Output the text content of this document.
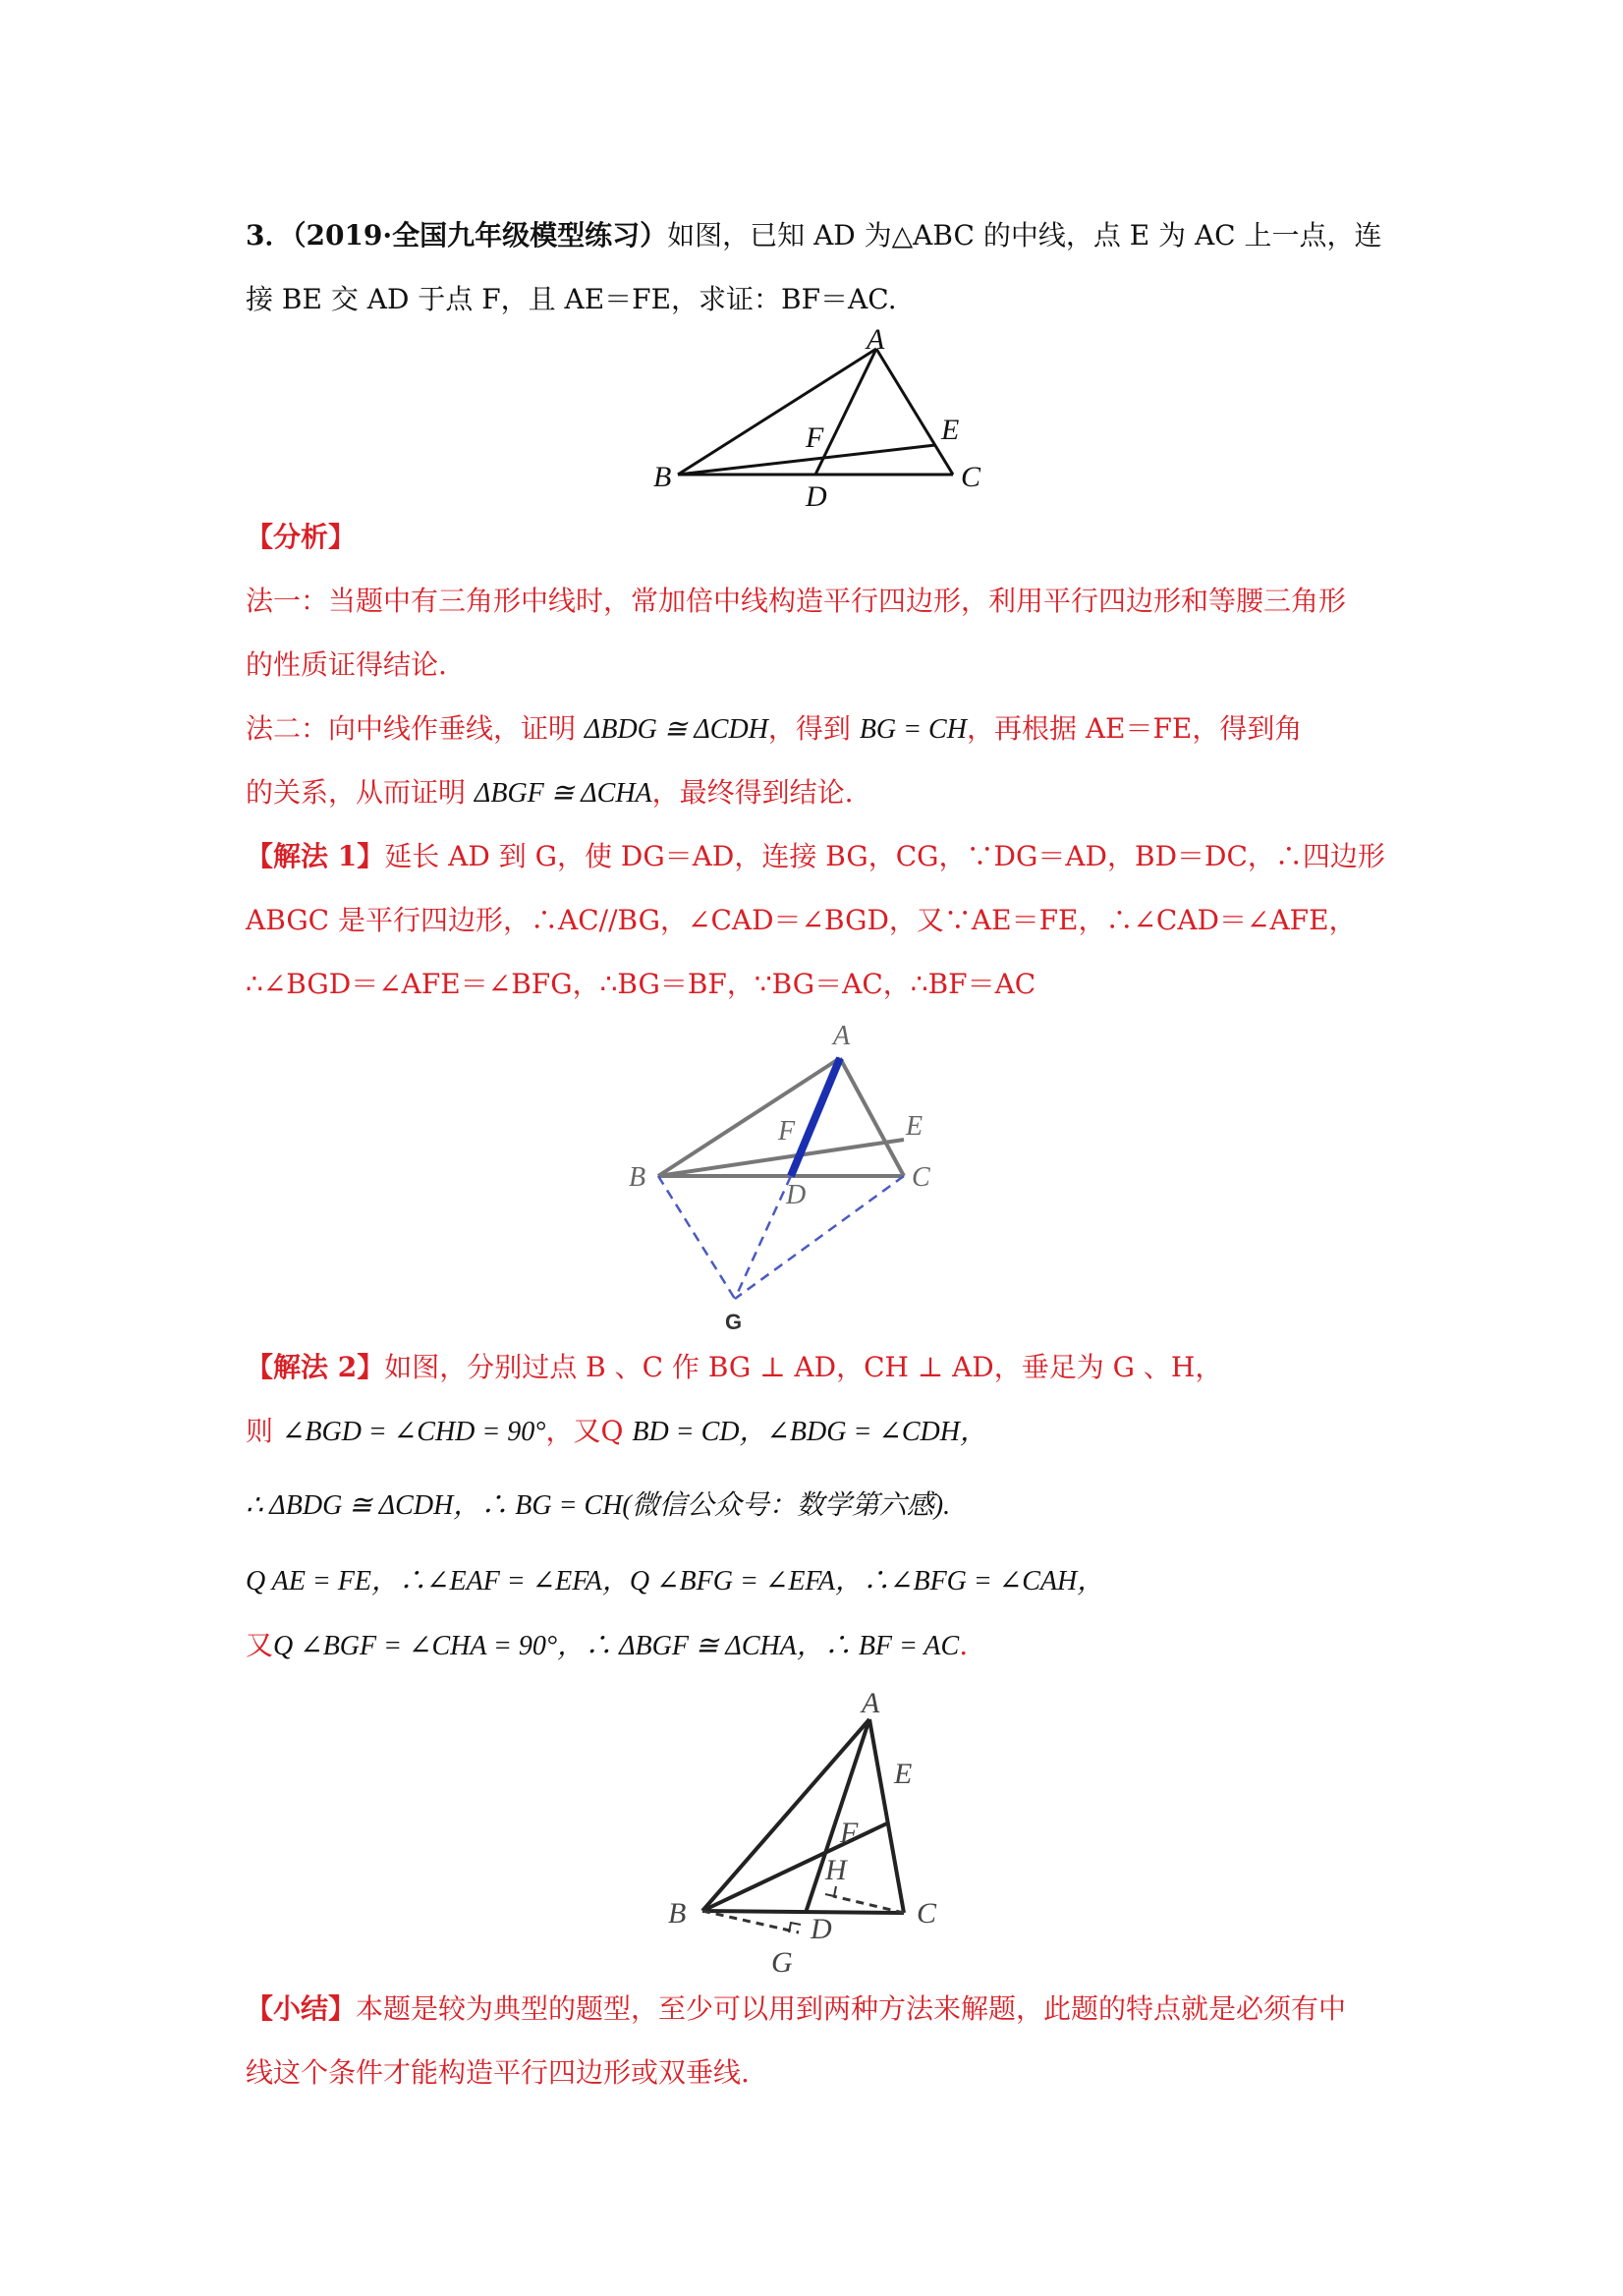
3．（2019·全国九年级模型练习）如图，已知 AD 为△ABC 的中线，点 E 为 AC 上一点，连
接 BE 交 AD 于点 F，且 AE＝FE，求证：BF＝AC.
A
B	C
D
E
F
【分析】
法一：当题中有三角形中线时，常加倍中线构造平行四边形，利用平行四边形和等腰三角形
的性质证得结论.
法二：向中线作垂线，证明 ΔBDG ≅ ΔCDH，得到 BG = CH，再根据 AE＝FE，得到角
的关系，从而证明 ΔBGF ≅ ΔCHA，最终得到结论.
【解法 1】延长 AD 到 G，使 DG＝AD，连接 BG，CG，∵DG＝AD，BD＝DC，∴四边形
ABGC 是平行四边形，∴AC//BG，∠CAD＝∠BGD，又∵AE＝FE，∴∠CAD＝∠AFE，
∴∠BGD＝∠AFE＝∠BFG，∴BG＝BF，∵BG＝AC，∴BF＝AC
A
B	C
D
E
F
G
【解法 2】如图，分别过点 B 、C 作 BG ⊥ AD，CH ⊥ AD，垂足为 G 、H，
则 ∠BGD = ∠CHD = 90°，又Q BD = CD，∠BDG = ∠CDH，
∴ ΔBDG ≅ ΔCDH，∴ BG = CH(微信公众号：数学第六感).
Q AE = FE，∴∠EAF = ∠EFA，Q ∠BFG = ∠EFA，∴∠BFG = ∠CAH，
又Q ∠BGF = ∠CHA = 90°，∴ ΔBGF ≅ ΔCHA，∴ BF = AC.
A
B	C
D
E
F
H
G
【小结】本题是较为典型的题型，至少可以用到两种方法来解题，此题的特点就是必须有中
线这个条件才能构造平行四边形或双垂线.
